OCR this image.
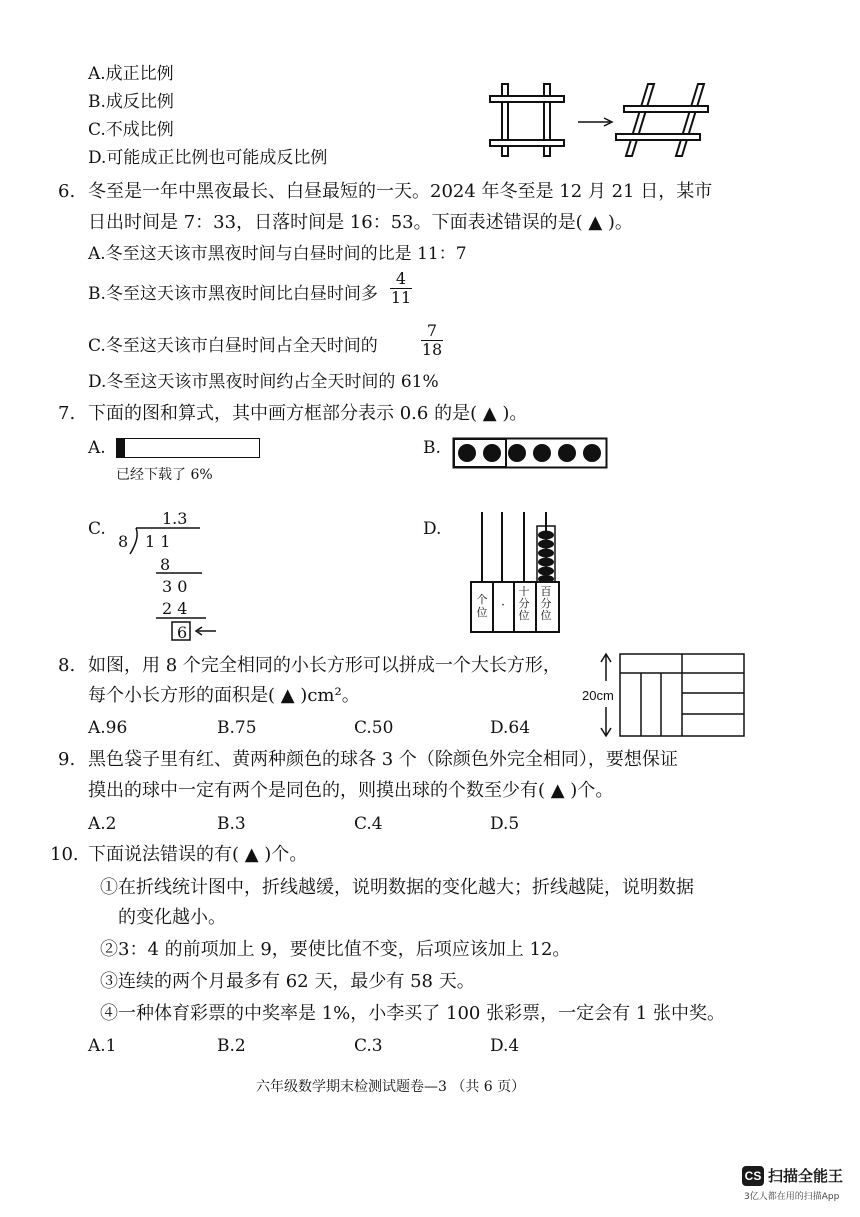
A.成正比例
B.成反比例
C.不成比例
D.可能成正比例也可能成反比例
6. 冬至是一年中黑夜最长、白昼最短的一天。2024 年冬至是 12 月 21 日，某市
日出时间是 7：33，日落时间是 16：53。下面表述错误的是( ▲ )。
A.冬至这天该市黑夜时间与白昼时间的比是 11：7
B.冬至这天该市黑夜时间比白昼时间多 $\frac{4}{11}$
C.冬至这天该市白昼时间占全天时间的	$\frac{7}{18}$
D.冬至这天该市黑夜时间约占全天时间的 61%
7. 下面的图和算式，其中画方框部分表示 0.6 的是( ▲ )。
A.
已经下载了 6%
B.
C.
1.3
8 1 1
8
3 0
2 4
6
D.
个位
·
十分位
百分位
8. 如图，用 8 个完全相同的小长方形可以拼成一个大长方形，
每个小长方形的面积是( ▲ )cm²。
A.96	B.75	C.50	D.64
20cm
9. 黑色袋子里有红、黄两种颜色的球各 3 个（除颜色外完全相同），要想保证
摸出的球中一定有两个是同色的，则摸出球的个数至少有( ▲ )个。
A.2	B.3	C.4	D.5
10. 下面说法错误的有( ▲ )个。
①在折线统计图中，折线越缓，说明数据的变化越大；折线越陡，说明数据
的变化越小。
②3：4 的前项加上 9，要使比值不变，后项应该加上 12。
③连续的两个月最多有 62 天，最少有 58 天。
④一种体育彩票的中奖率是 1%，小李买了 100 张彩票，一定会有 1 张中奖。
A.1	B.2	C.3	D.4
六年级数学期末检测试题卷—3 （共 6 页）
CS 扫描全能王
3亿人都在用的扫描App
